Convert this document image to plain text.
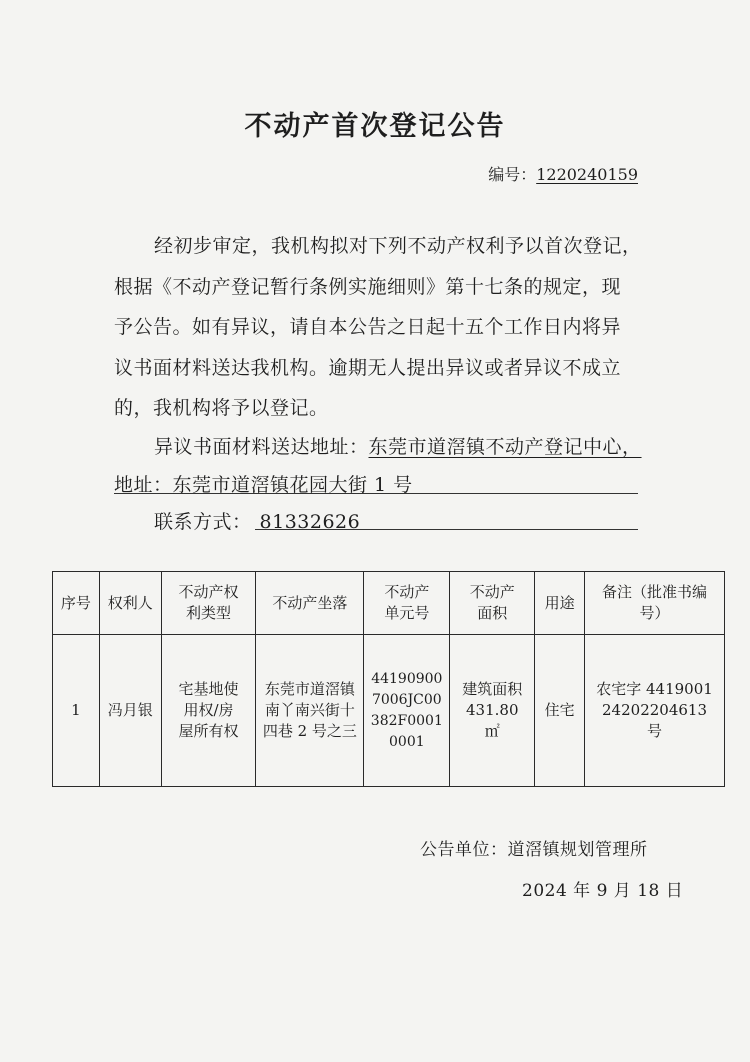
不动产首次登记公告
编号：1220240159
经初步审定，我机构拟对下列不动产权利予以首次登记，
根据《不动产登记暂行条例实施细则》第十七条的规定，现
予公告。如有异议，请自本公告之日起十五个工作日内将异
议书面材料送达我机构。逾期无人提出异议或者异议不成立
的，我机构将予以登记。
异议书面材料送达地址：东莞市道滘镇不动产登记中心，
地址：东莞市道滘镇花园大街 1 号
联系方式： 81332626
序号	权利人	不动产权利类型	不动产坐落	不动产单元号	不动产面积	用途	备注（批准书编号）

1	冯月银	宅基地使用权/房屋所有权	东莞市道滘镇南丫南兴街十四巷 2 号之三	441909007006JC00382F00010001	建筑面积 431.80 ㎡	住宅	农宅字 441900124202204613 号
公告单位：道滘镇规划管理所
2024 年 9 月 18 日
